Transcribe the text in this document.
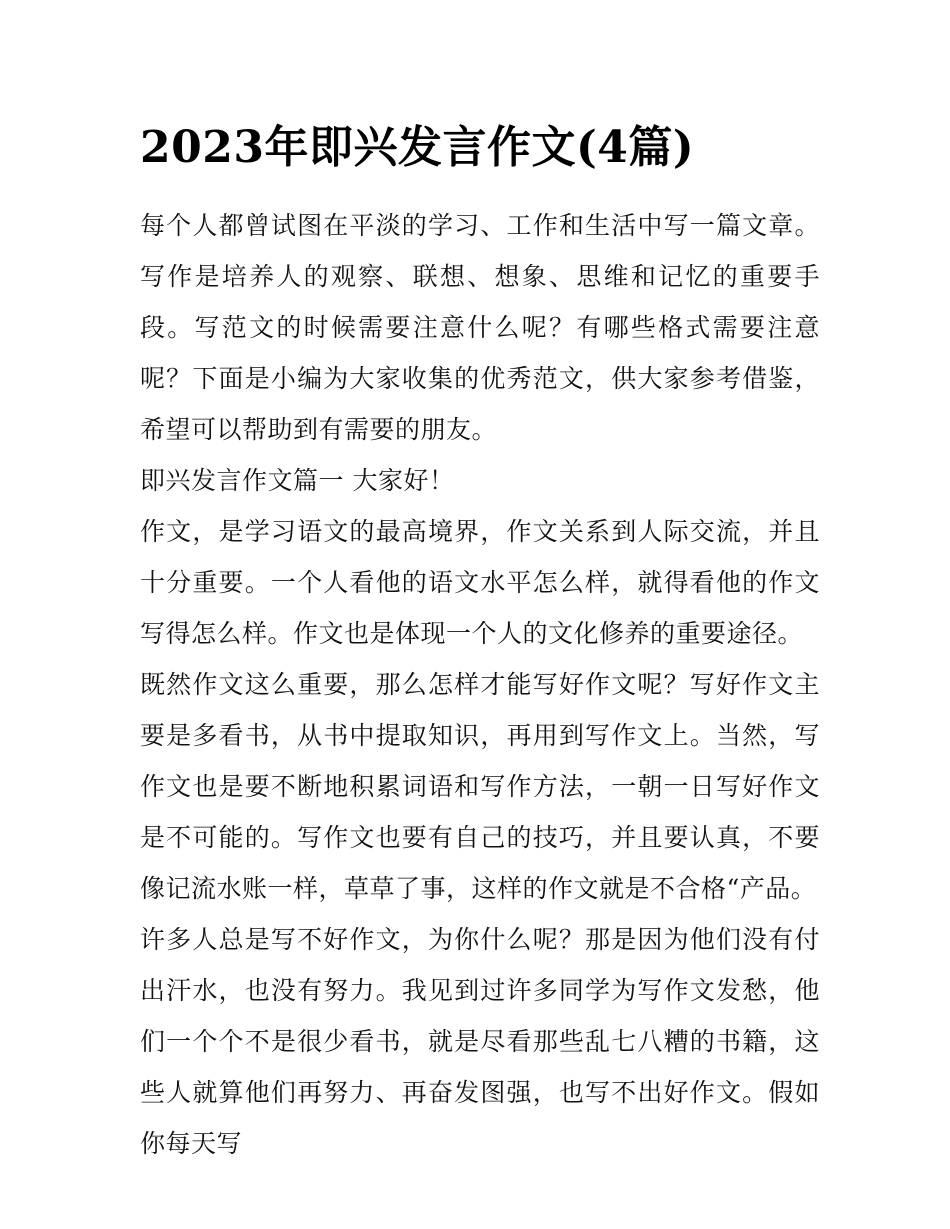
2023年即兴发言作文(4篇)

每个人都曾试图在平淡的学习、工作和生活中写一篇文章。写作是培养人的观察、联想、想象、思维和记忆的重要手段。写范文的时候需要注意什么呢？有哪些格式需要注意呢？下面是小编为大家收集的优秀范文，供大家参考借鉴，希望可以帮助到有需要的朋友。

即兴发言作文篇一 大家好！

作文，是学习语文的最高境界，作文关系到人际交流，并且十分重要。一个人看他的语文水平怎么样，就得看他的作文写得怎么样。作文也是体现一个人的文化修养的重要途径。

既然作文这么重要，那么怎样才能写好作文呢？写好作文主要是多看书，从书中提取知识，再用到写作文上。当然，写作文也是要不断地积累词语和写作方法，一朝一日写好作文是不可能的。写作文也要有自己的技巧，并且要认真，不要像记流水账一样，草草了事，这样的作文就是不合格“产品。

许多人总是写不好作文，为你什么呢？那是因为他们没有付出汗水，也没有努力。我见到过许多同学为写作文发愁，他们一个个不是很少看书，就是尽看那些乱七八糟的书籍，这些人就算他们再努力、再奋发图强，也写不出好作文。假如你每天写
